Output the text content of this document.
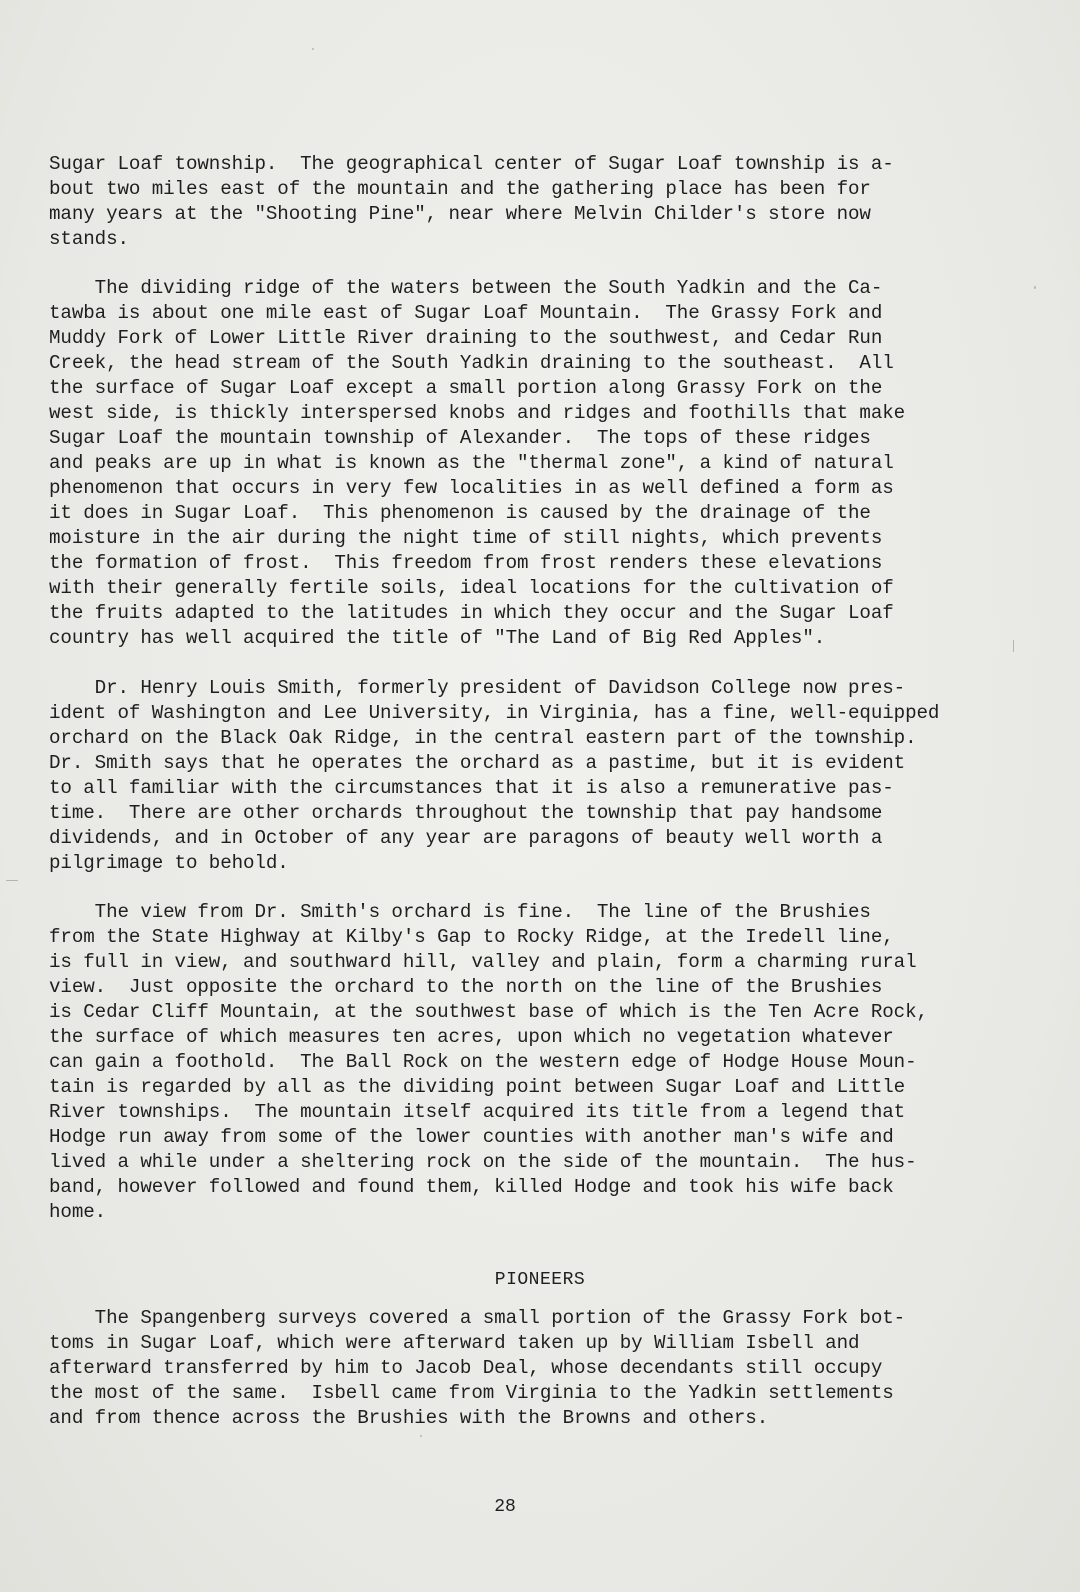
Sugar Loaf township.  The geographical center of Sugar Loaf township is a-
bout two miles east of the mountain and the gathering place has been for
many years at the "Shooting Pine", near where Melvin Childer's store now
stands.
The dividing ridge of the waters between the South Yadkin and the Ca-
tawba is about one mile east of Sugar Loaf Mountain.  The Grassy Fork and
Muddy Fork of Lower Little River draining to the southwest, and Cedar Run
Creek, the head stream of the South Yadkin draining to the southeast.  All
the surface of Sugar Loaf except a small portion along Grassy Fork on the
west side, is thickly interspersed knobs and ridges and foothills that make
Sugar Loaf the mountain township of Alexander.  The tops of these ridges
and peaks are up in what is known as the "thermal zone", a kind of natural
phenomenon that occurs in very few localities in as well defined a form as
it does in Sugar Loaf.  This phenomenon is caused by the drainage of the
moisture in the air during the night time of still nights, which prevents
the formation of frost.  This freedom from frost renders these elevations
with their generally fertile soils, ideal locations for the cultivation of
the fruits adapted to the latitudes in which they occur and the Sugar Loaf
country has well acquired the title of "The Land of Big Red Apples".
Dr. Henry Louis Smith, formerly president of Davidson College now pres-
ident of Washington and Lee University, in Virginia, has a fine, well-equipped
orchard on the Black Oak Ridge, in the central eastern part of the township.
Dr. Smith says that he operates the orchard as a pastime, but it is evident
to all familiar with the circumstances that it is also a remunerative pas-
time.  There are other orchards throughout the township that pay handsome
dividends, and in October of any year are paragons of beauty well worth a
pilgrimage to behold.
The view from Dr. Smith's orchard is fine.  The line of the Brushies
from the State Highway at Kilby's Gap to Rocky Ridge, at the Iredell line,
is full in view, and southward hill, valley and plain, form a charming rural
view.  Just opposite the orchard to the north on the line of the Brushies
is Cedar Cliff Mountain, at the southwest base of which is the Ten Acre Rock,
the surface of which measures ten acres, upon which no vegetation whatever
can gain a foothold.  The Ball Rock on the western edge of Hodge House Moun-
tain is regarded by all as the dividing point between Sugar Loaf and Little
River townships.  The mountain itself acquired its title from a legend that
Hodge run away from some of the lower counties with another man's wife and
lived a while under a sheltering rock on the side of the mountain.  The hus-
band, however followed and found them, killed Hodge and took his wife back
home.
PIONEERS
The Spangenberg surveys covered a small portion of the Grassy Fork bot-
toms in Sugar Loaf, which were afterward taken up by William Isbell and
afterward transferred by him to Jacob Deal, whose decendants still occupy
the most of the same.  Isbell came from Virginia to the Yadkin settlements
and from thence across the Brushies with the Browns and others.
28
